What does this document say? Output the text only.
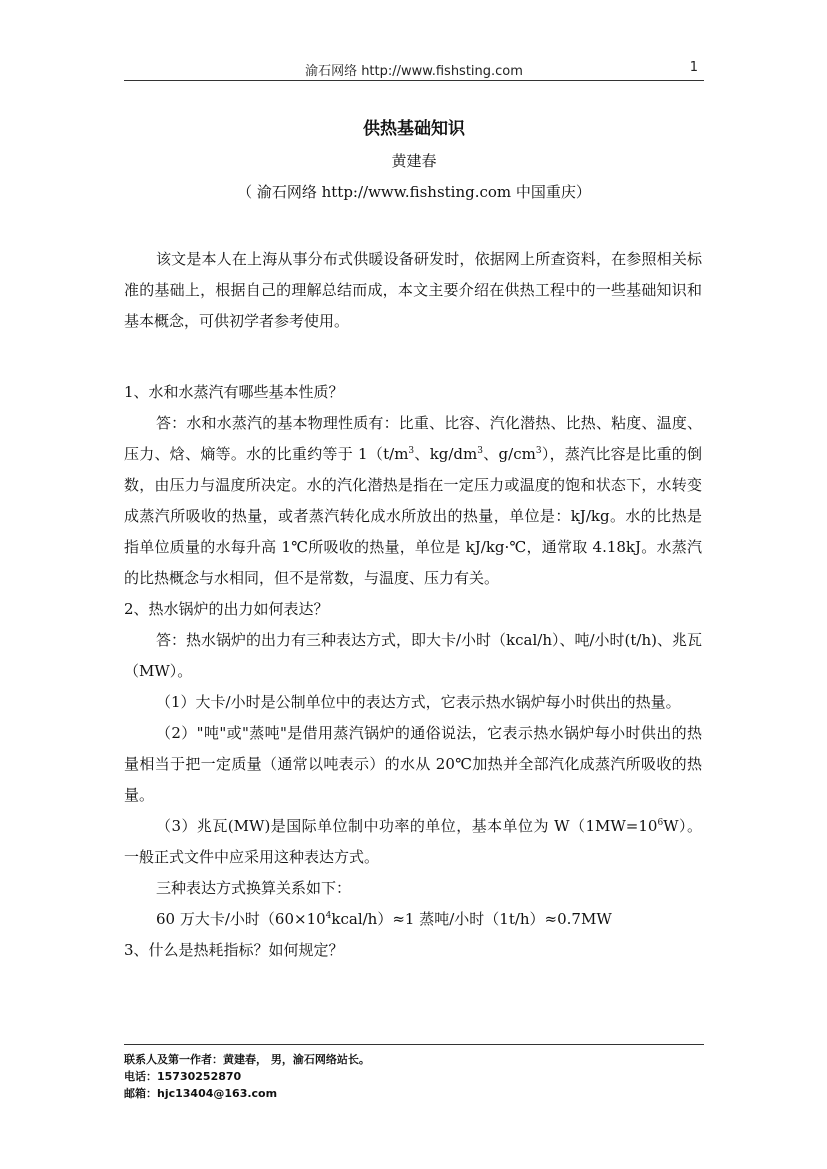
渝石网络 http://www.fishsting.com	1
供热基础知识
黄建春
（ 渝石网络 http://www.fishsting.com 中国重庆）

该文是本人在上海从事分布式供暖设备研发时，依据网上所查资料，在参照相关标准的基础上，根据自己的理解总结而成，本文主要介绍在供热工程中的一些基础知识和基本概念，可供初学者参考使用。

1、水和水蒸汽有哪些基本性质？

答：水和水蒸汽的基本物理性质有：比重、比容、汽化潜热、比热、粘度、温度、压力、焓、熵等。水的比重约等于 $1(t/m^3$、$kg/dm^3$、$g/cm^3$），蒸汽比容是比重的倒数，由压力与温度所决定。水的汽化潜热是指在一定压力或温度的饱和状态下，水转变成蒸汽所吸收的热量，或者蒸汽转化成水所放出的热量，单位是：kJ/kg。水的比热是指单位质量的水每升高 1℃所吸收的热量，单位是 kJ/kg·℃，通常取 4.18kJ。水蒸汽的比热概念与水相同，但不是常数，与温度、压力有关。

2、热水锅炉的出力如何表达？

答：热水锅炉的出力有三种表达方式，即大卡/小时（kcal/h）、吨/小时(t/h)、兆瓦（MW）。

（1）大卡/小时是公制单位中的表达方式，它表示热水锅炉每小时供出的热量。

（2）"吨"或"蒸吨"是借用蒸汽锅炉的通俗说法，它表示热水锅炉每小时供出的热量相当于把一定质量（通常以吨表示）的水从 20℃加热并全部汽化成蒸汽所吸收的热量。

（3）兆瓦(MW)是国际单位制中功率的单位，基本单位为 $W(1MW=10^6W)$。一般正式文件中应采用这种表达方式。

三种表达方式换算关系如下：

60 万大卡/小时$(60\times 10^4kcal/h)\approx 1$ 蒸吨/小时（1t/h）≈0.7MW

3、什么是热耗指标？如何规定？

联系人及第一作者：黄建春， 男，渝石网络站长。
电话：15730252870
邮箱：hjc13404@163.com
